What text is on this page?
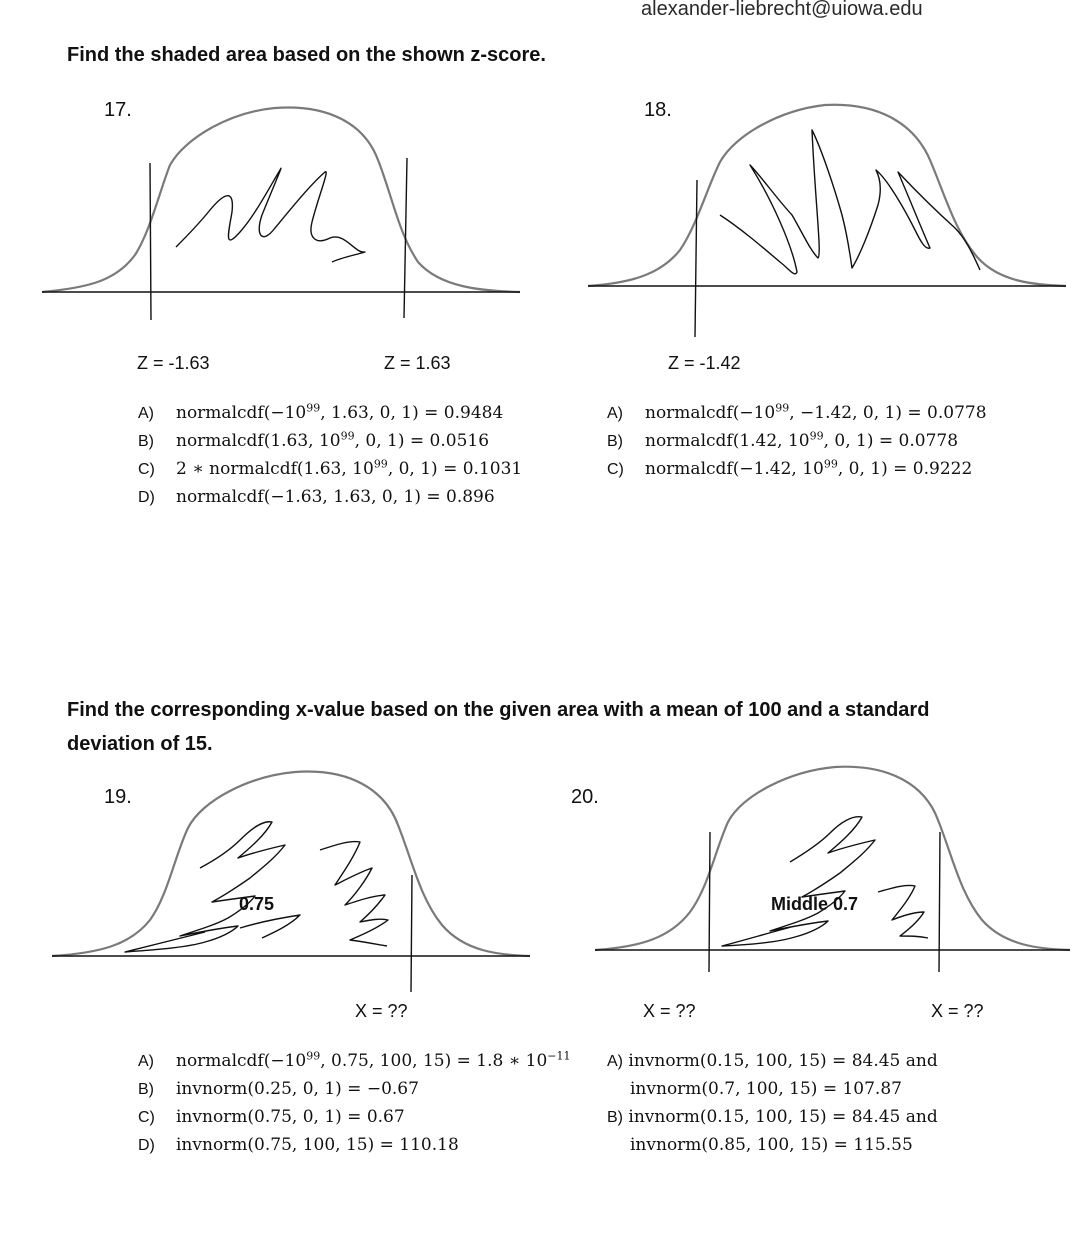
alexander-liebrecht@uiowa.edu
Find the shaded area based on the shown z-score.
17.
Z = -1.63	Z = 1.63
A)	$normalcdf(-10^{99}$, 1.63, 0, 1) = 0.9484
B)	normalcdf(1.63, $10^{99}$, 0, 1) = 0.0516
C)	2 ∗ normalcdf(1.63, $10^{99}$, 0, 1) = 0.1031
D)	normalcdf(−1.63, 1.63, 0, 1) = 0.896
18.
Z = -1.42
A)	$normalcdf(-10^{99}$, −1.42, 0, 1) = 0.0778
B)	normalcdf(1.42, $10^{99}$, 0, 1) = 0.0778
C)	normalcdf(−1.42, $10^{99}$, 0, 1) = 0.9222
Find the corresponding x-value based on the given area with a mean of 100 and a standard
deviation of 15.
19.
0.75
X = ??
A)	$normalcdf(-10^{99}$, 0.75, 100, 15) = 1.8 ∗ $10^{-11}$
B)	invnorm(0.25, 0, 1) = −0.67
C)	invnorm(0.75, 0, 1) = 0.67
D)	invnorm(0.75, 100, 15) = 110.18
20.
Middle 0.7
X = ??	X = ??
A) invnorm(0.15, 100, 15) = 84.45 and
invnorm(0.7, 100, 15) = 107.87
B) invnorm(0.15, 100, 15) = 84.45 and
invnorm(0.85, 100, 15) = 115.55
